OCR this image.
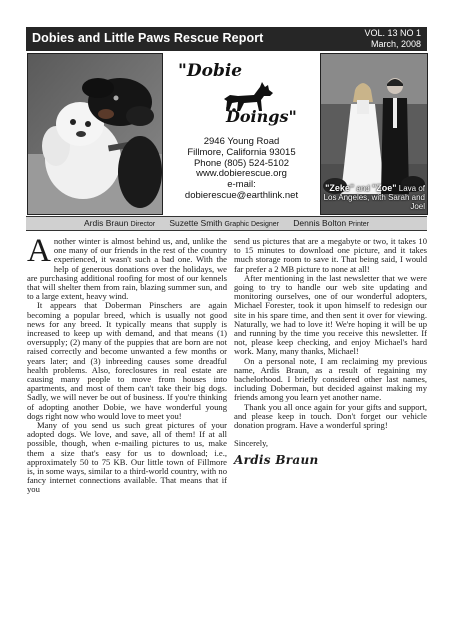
Dobies and Little Paws Rescue Report	VOL. 13 NO 1
March, 2008
"Dobie
Doings"
2946 Young Road
Fillmore, California 93015
Phone (805) 524-5102
www.dobierescue.org
e-mail:
dobierescue@earthlink.net
"Zeke" and "Zoe" Lava of Los Angeles, with Sarah and Joel
Ardis Braun Director Suzette Smith Graphic Designer Dennis Bolton Printer

Another winter is almost behind us, and, unlike the one many of our friends in the rest of the country experienced, it wasn't such a bad one. With the help of generous donations over the holidays, we are purchasing additional roofing for most of our kennels that will shelter them from rain, blazing summer sun, and to a large extent, heavy wind.

It appears that Doberman Pinschers are again becoming a popular breed, which is usually not good news for any breed. It typically means that supply is increased to keep up with demand, and that means (1) oversupply; (2) many of the puppies that are born are not raised correctly and become unwanted a few months or years later; and (3) inbreeding causes some dreadful health problems. Also, foreclosures in real estate are causing many people to move from houses into apartments, and most of them can't take their big dogs. Sadly, we will never be out of business. If you're thinking of adopting another Dobie, we have wonderful young dogs right now who would love to meet you!

Many of you send us such great pictures of your adopted dogs. We love, and save, all of them! If at all possible, though, when e-mailing pictures to us, make them a size that's easy for us to download; i.e., approximately 50 to 75 KB. Our little town of Fillmore is, in some ways, similar to a third-world country, with no fancy internet connections available. That means that if you

send us pictures that are a megabyte or two, it takes 10 to 15 minutes to download one picture, and it takes much storage room to save it. That being said, I would far prefer a 2 MB picture to none at all!

After mentioning in the last newsletter that we were going to try to handle our web site updating and monitoring ourselves, one of our wonderful adopters, Michael Forester, took it upon himself to redesign our site in his spare time, and then sent it over for viewing. Naturally, we had to love it! We're hoping it will be up and running by the time you receive this newsletter. If not, please keep checking, and enjoy Michael's hard work. Many, many thanks, Michael!

On a personal note, I am reclaiming my previous name, Ardis Braun, as a result of regaining my bachelorhood. I briefly considered other last names, including Doberman, but decided against making my friends among you learn yet another name.

Thank you all once again for your gifts and support, and please keep in touch. Don't forget our vehicle donation program. Have a wonderful spring!

Sincerely,

Ardis Braun
